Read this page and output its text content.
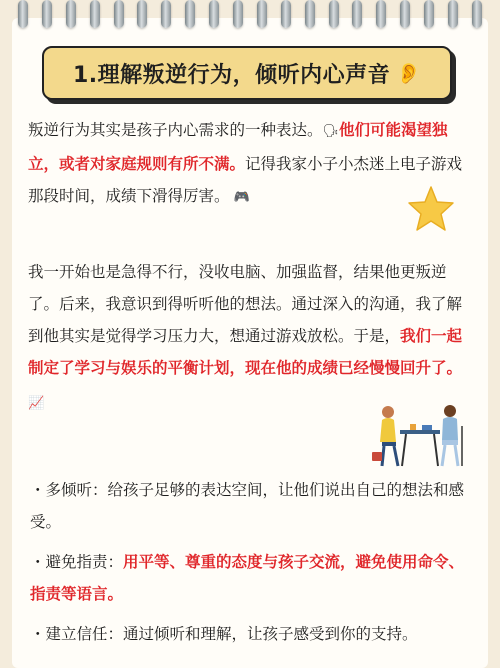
1.理解叛逆行为，倾听内心声音 👂
叛逆行为其实是孩子内心需求的一种表达。🗣他们可能渴望独立，或者对家庭规则有所不满。记得我家小子小杰迷上电子游戏那段时间，成绩下滑得厉害。 🎮
我一开始也是急得不行，没收电脑、加强监督，结果他更叛逆了。后来，我意识到得听听他的想法。通过深入的沟通，我了解到他其实是觉得学习压力大，想通过游戏放松。于是，我们一起制定了学习与娱乐的平衡计划，现在他的成绩已经慢慢回升了。 📈
・多倾听：给孩子足够的表达空间，让他们说出自己的想法和感受。
・避免指责：用平等、尊重的态度与孩子交流，避免使用命令、指责等语言。
・建立信任：通过倾听和理解，让孩子感受到你的支持。
